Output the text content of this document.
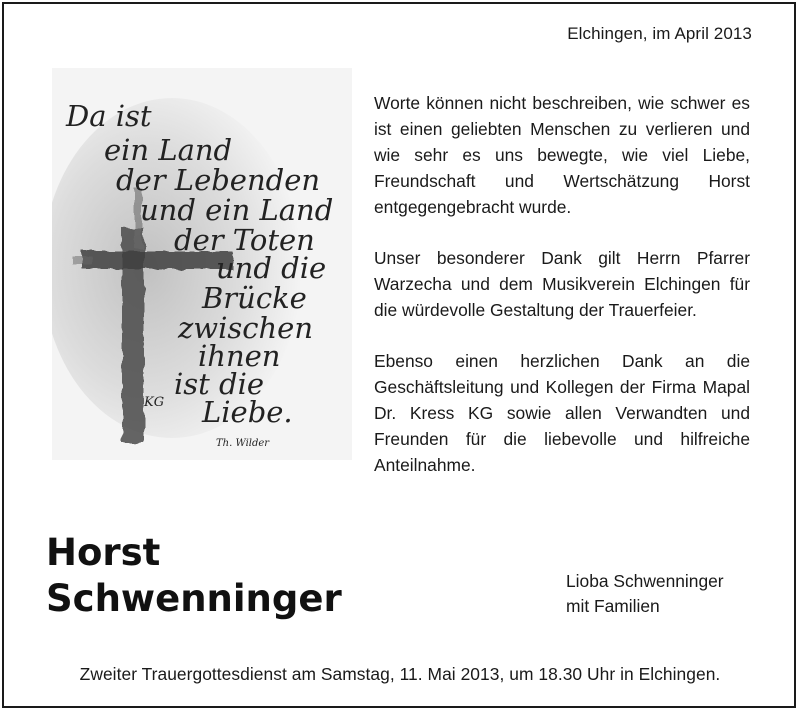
Elchingen, im April 2013
Da ist
ein Land
der Lebenden
und ein Land
der Toten
und die
Brücke
zwischen
ihnen
ist die
Liebe.
KG
Th. Wilder

Worte können nicht beschreiben, wie schwer es ist einen geliebten Menschen zu verlieren und wie sehr es uns bewegte, wie viel Liebe, Freundschaft und Wertschätzung Horst entgegengebracht wurde.

Unser besonderer Dank gilt Herrn Pfarrer Warzecha und dem Musikverein Elchingen für die würdevolle Gestaltung der Trauerfeier.

Ebenso einen herzlichen Dank an die Geschäftsleitung und Kollegen der Firma Mapal Dr. Kress KG sowie allen Verwandten und Freunden für die liebevolle und hilfreiche Anteilnahme.

Horst
Schwenninger	Lioba Schwenninger
mit Familien
Zweiter Trauergottesdienst am Samstag, 11. Mai 2013, um 18.30 Uhr in Elchingen.
